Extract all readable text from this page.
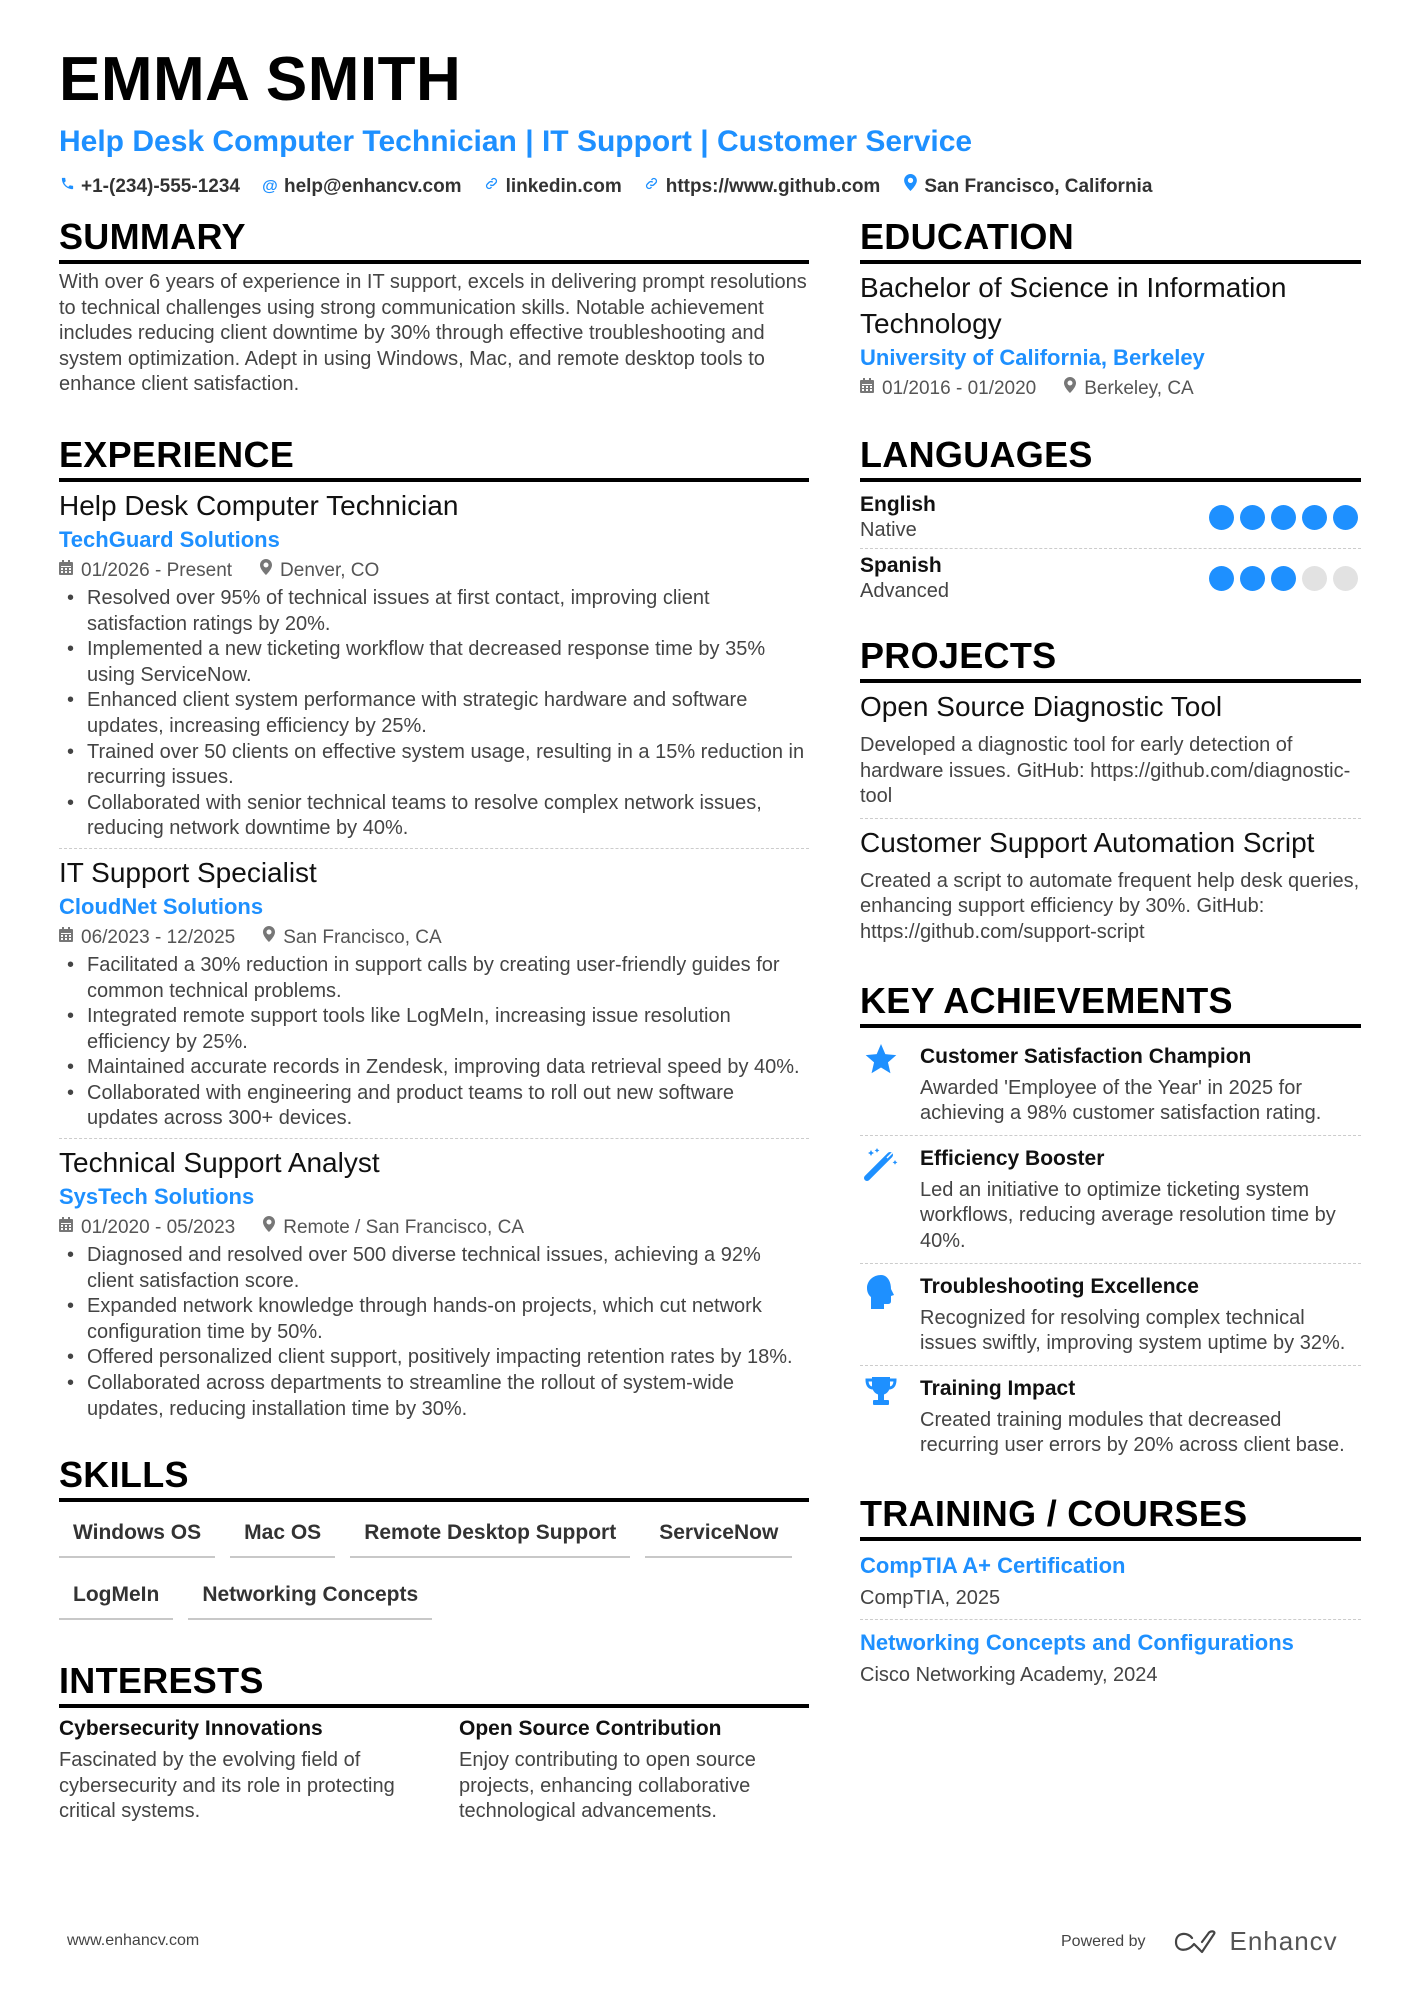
EMMA SMITH
Help Desk Computer Technician | IT Support | Customer Service
+1-(234)-555-1234 @ help@enhancv.com linkedin.com https://www.github.com San Francisco, California
SUMMARY
With over 6 years of experience in IT support, excels in delivering prompt resolutions to technical challenges using strong communication skills. Notable achievement includes reducing client downtime by 30% through effective troubleshooting and system optimization. Adept in using Windows, Mac, and remote desktop tools to enhance client satisfaction.
EXPERIENCE
Help Desk Computer Technician
TechGuard Solutions
01/2026 - Present	Denver, CO
• Resolved over 95% of technical issues at first contact, improving client satisfaction ratings by 20%.
• Implemented a new ticketing workflow that decreased response time by 35% using ServiceNow.
• Enhanced client system performance with strategic hardware and software updates, increasing efficiency by 25%.
• Trained over 50 clients on effective system usage, resulting in a 15% reduction in recurring issues.
• Collaborated with senior technical teams to resolve complex network issues, reducing network downtime by 40%.
IT Support Specialist
CloudNet Solutions
06/2023 - 12/2025	San Francisco, CA
• Facilitated a 30% reduction in support calls by creating user-friendly guides for common technical problems.
• Integrated remote support tools like LogMeIn, increasing issue resolution efficiency by 25%.
• Maintained accurate records in Zendesk, improving data retrieval speed by 40%.
• Collaborated with engineering and product teams to roll out new software updates across 300+ devices.
Technical Support Analyst
SysTech Solutions
01/2020 - 05/2023	Remote / San Francisco, CA
• Diagnosed and resolved over 500 diverse technical issues, achieving a 92% client satisfaction score.
• Expanded network knowledge through hands-on projects, which cut network configuration time by 50%.
• Offered personalized client support, positively impacting retention rates by 18%.
• Collaborated across departments to streamline the rollout of system-wide updates, reducing installation time by 30%.
SKILLS
Windows OS	Mac OS	Remote Desktop Support	ServiceNow
LogMeIn	Networking Concepts
INTERESTS
Cybersecurity Innovations
Fascinated by the evolving field of cybersecurity and its role in protecting critical systems.
Open Source Contribution
Enjoy contributing to open source projects, enhancing collaborative technological advancements.
EDUCATION
Bachelor of Science in Information Technology
University of California, Berkeley
01/2016 - 01/2020	Berkeley, CA
LANGUAGES
English
Native
Spanish
Advanced
PROJECTS
Open Source Diagnostic Tool
Developed a diagnostic tool for early detection of hardware issues. GitHub: https://github.com/diagnostic-tool
Customer Support Automation Script
Created a script to automate frequent help desk queries, enhancing support efficiency by 30%. GitHub: https://github.com/support-script
KEY ACHIEVEMENTS
Customer Satisfaction Champion
Awarded 'Employee of the Year' in 2025 for achieving a 98% customer satisfaction rating.
Efficiency Booster
Led an initiative to optimize ticketing system workflows, reducing average resolution time by 40%.
Troubleshooting Excellence
Recognized for resolving complex technical issues swiftly, improving system uptime by 32%.
Training Impact
Created training modules that decreased recurring user errors by 20% across client base.
TRAINING / COURSES
CompTIA A+ Certification
CompTIA, 2025
Networking Concepts and Configurations
Cisco Networking Academy, 2024
www.enhancv.com	Powered by	Enhancv
